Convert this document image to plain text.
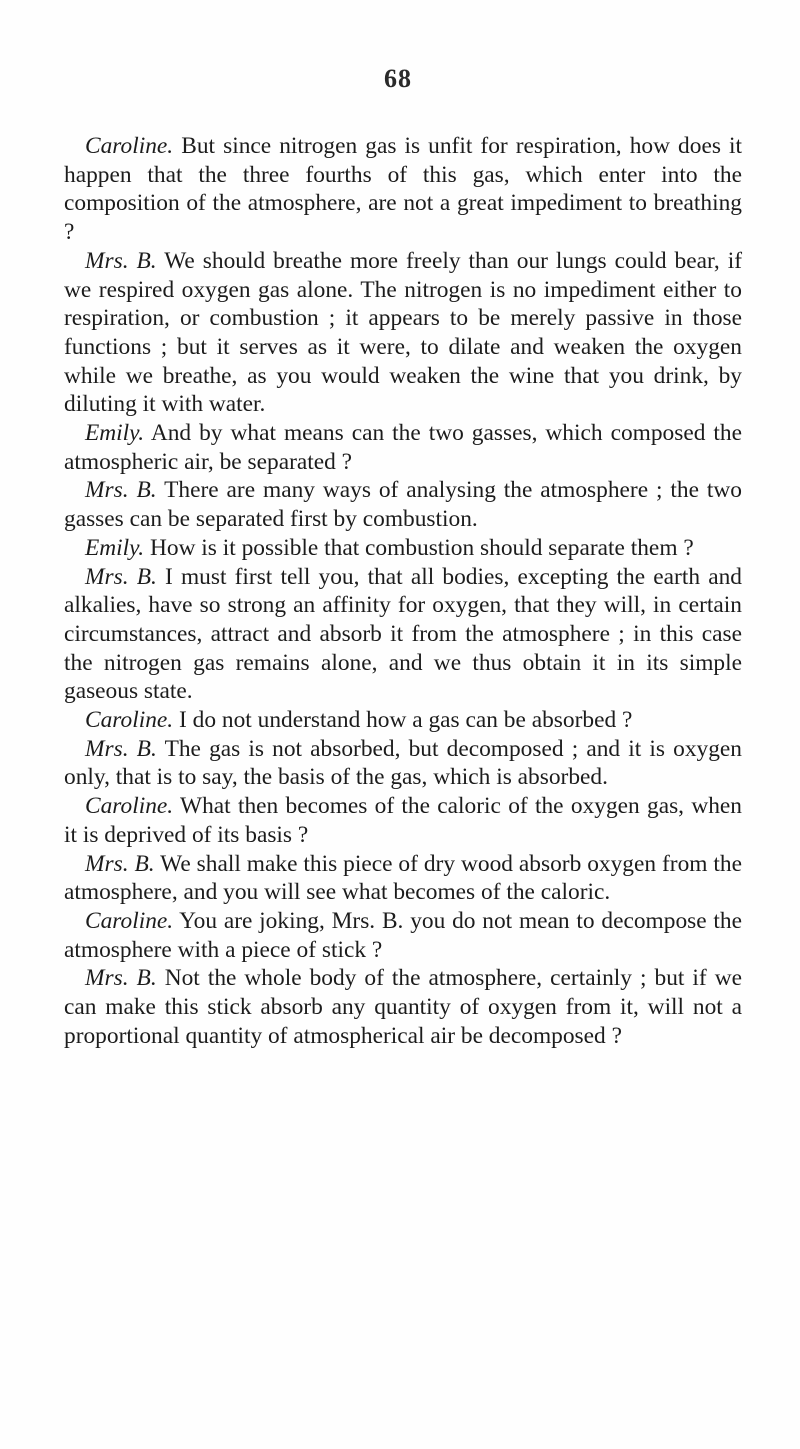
68

Caroline. But since nitrogen gas is unfit for respiration, how does it happen that the three fourths of this gas, which enter into the composition of the atmosphere, are not a great impediment to breathing ?

Mrs. B. We should breathe more freely than our lungs could bear, if we respired oxygen gas alone. The nitrogen is no impediment either to respiration, or combustion ; it appears to be merely passive in those functions ; but it serves as it were, to dilate and weaken the oxygen while we breathe, as you would weaken the wine that you drink, by diluting it with water.

Emily. And by what means can the two gasses, which composed the atmospheric air, be separated ?

Mrs. B. There are many ways of analysing the atmosphere ; the two gasses can be separated first by combustion.

Emily. How is it possible that combustion should separate them ?

Mrs. B. I must first tell you, that all bodies, excepting the earth and alkalies, have so strong an affinity for oxygen, that they will, in certain circumstances, attract and absorb it from the atmosphere ; in this case the nitrogen gas remains alone, and we thus obtain it in its simple gaseous state.

Caroline. I do not understand how a gas can be absorbed ?

Mrs. B. The gas is not absorbed, but decomposed ; and it is oxygen only, that is to say, the basis of the gas, which is absorbed.

Caroline. What then becomes of the caloric of the oxygen gas, when it is deprived of its basis ?

Mrs. B. We shall make this piece of dry wood absorb oxygen from the atmosphere, and you will see what becomes of the caloric.

Caroline. You are joking, Mrs. B. you do not mean to decompose the atmosphere with a piece of stick ?

Mrs. B. Not the whole body of the atmosphere, certainly ; but if we can make this stick absorb any quantity of oxygen from it, will not a proportional quantity of atmospherical air be decomposed ?
